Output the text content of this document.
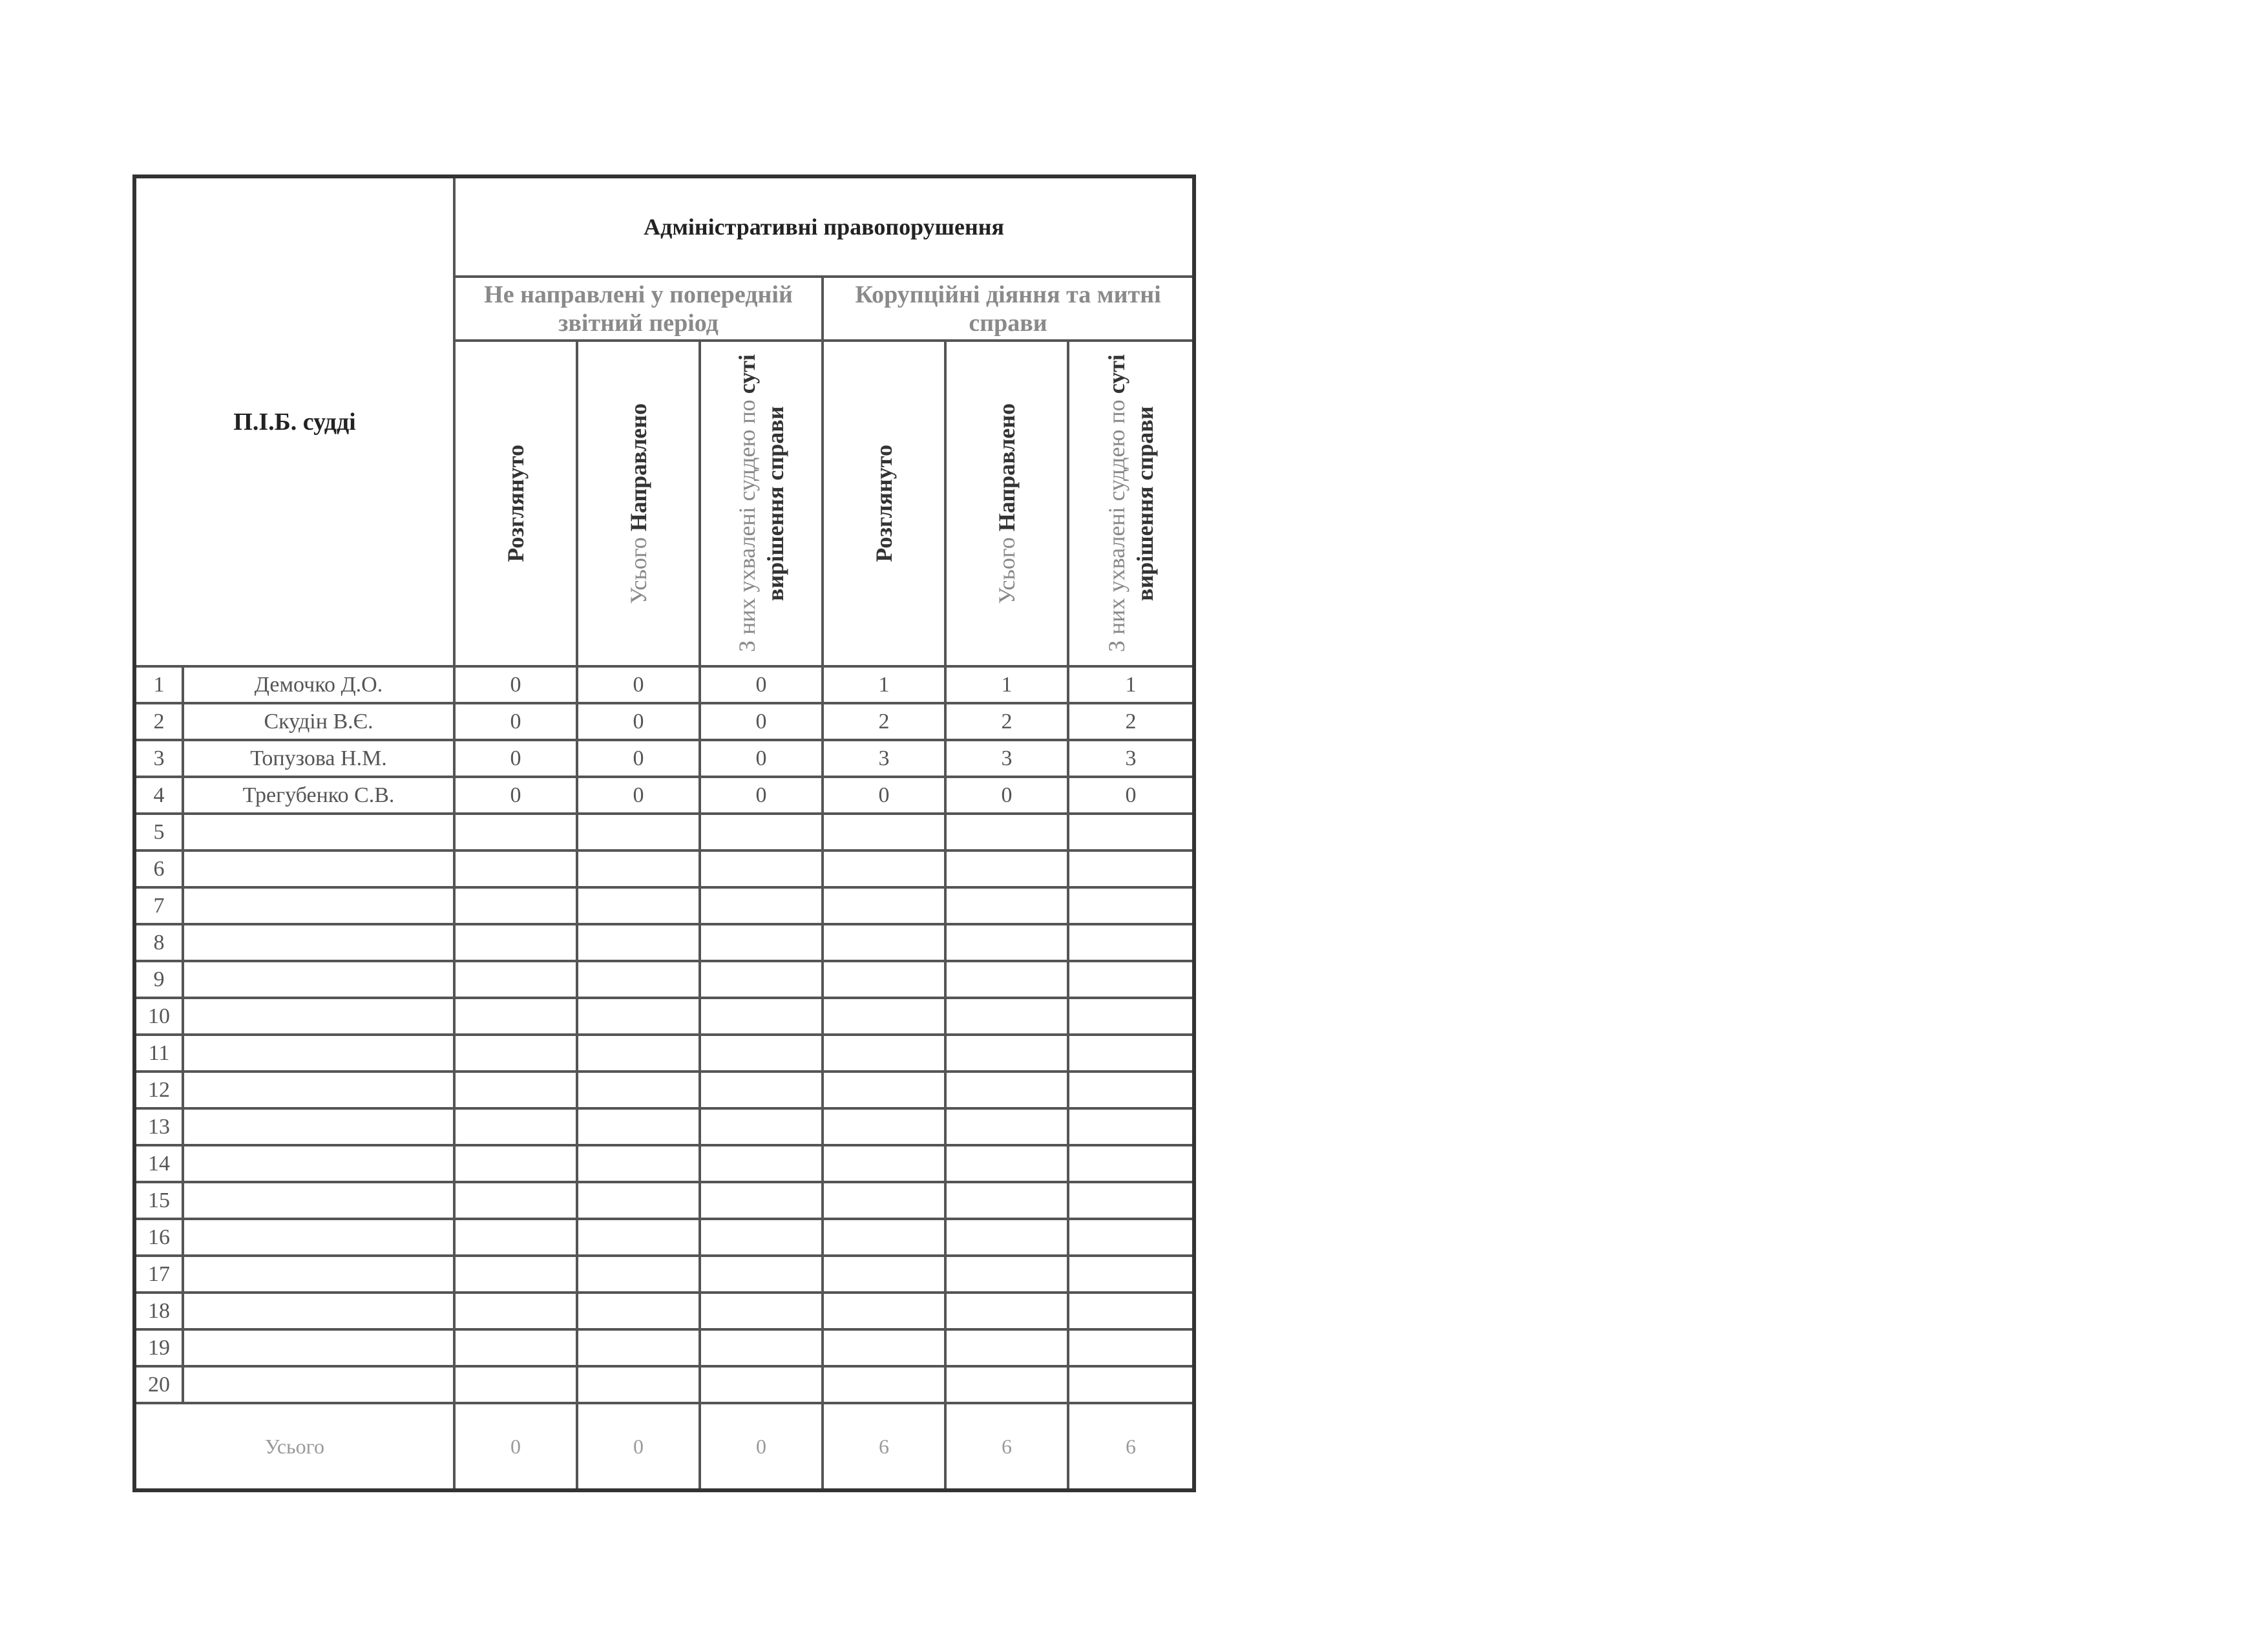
П.І.Б. судді		Адміністративні правопорушення					
		Не направлені у попередній звітний період			Корупційні діяння та митні справи		

		Розглянуто	Усього Направлено	З них ухвалені суддею по суті вирішення справи	Розглянуто	Усього Направлено	З них ухвалені суддею по суті вирішення справи

1	Демочко Д.О.	0	0	0	1	1	1
2	Скудін В.Є.	0	0	0	2	2	2
3	Топузова Н.М.	0	0	0	3	3	3
4	Трегубенко С.В.	0	0	0	0	0	0
5							
6							
7							
8							
9							
10							
11							
12							
13							
14							
15							
16							
17							
18							
19							
20							
Усього		0	0	0	6	6	6
